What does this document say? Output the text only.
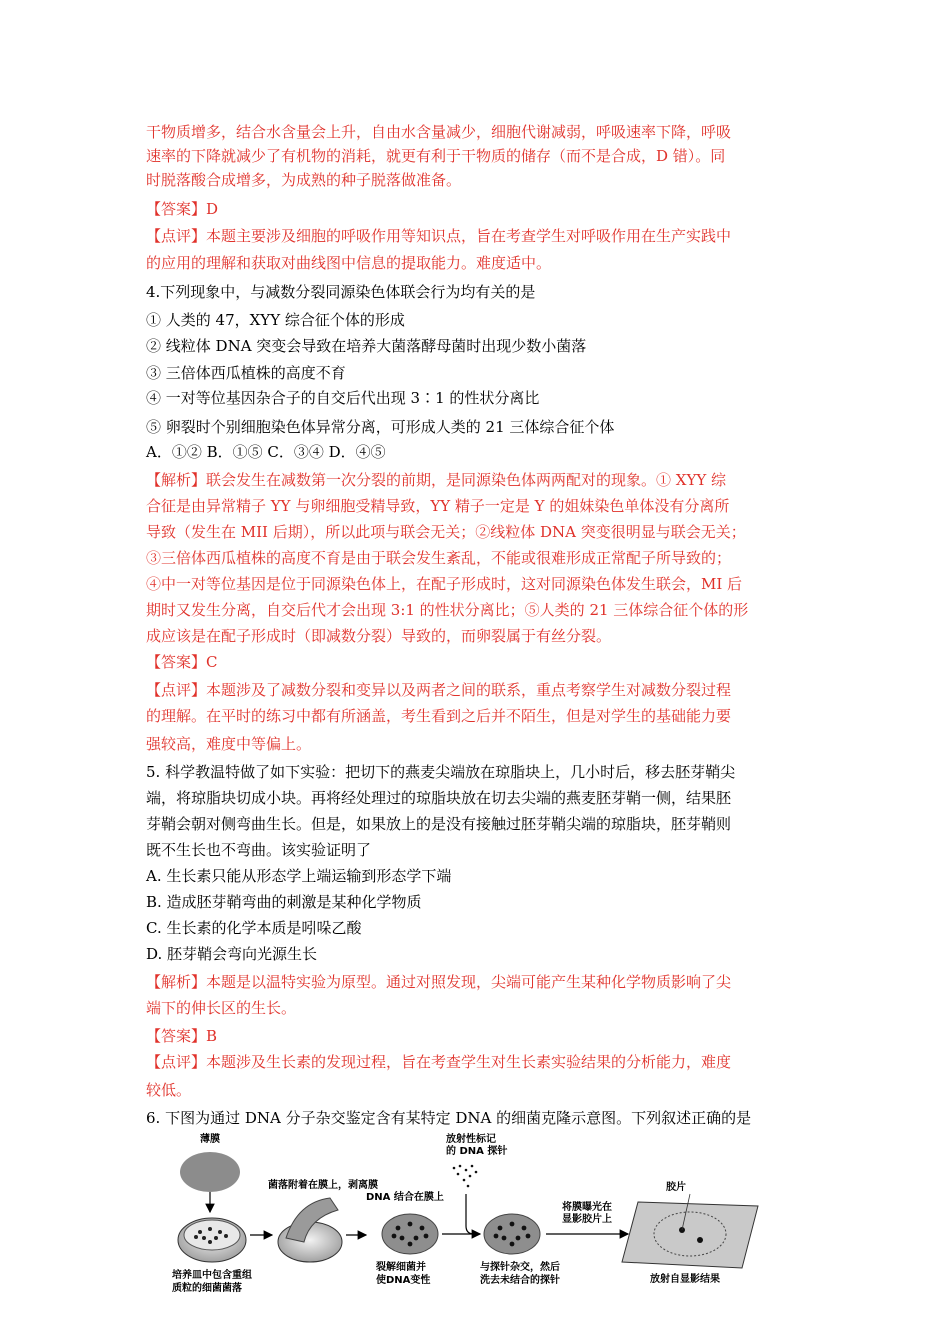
干物质增多，结合水含量会上升，自由水含量减少，细胞代谢减弱，呼吸速率下降，呼吸
速率的下降就减少了有机物的消耗，就更有利于干物质的储存（而不是合成，D 错）。同
时脱落酸合成增多，为成熟的种子脱落做准备。
【答案】D
【点评】本题主要涉及细胞的呼吸作用等知识点，旨在考查学生对呼吸作用在生产实践中
的应用的理解和获取对曲线图中信息的提取能力。难度适中。
4.下列现象中，与减数分裂同源染色体联会行为均有关的是
① 人类的 47，XYY 综合征个体的形成
② 线粒体 DNA 突变会导致在培养大菌落酵母菌时出现少数小菌落
③ 三倍体西瓜植株的高度不育
④ 一对等位基因杂合子的自交后代出现 3∶1 的性状分离比
⑤ 卵裂时个别细胞染色体异常分离，可形成人类的 21 三体综合征个体
A．①② B．①⑤ C．③④ D．④⑤
【解析】联会发生在减数第一次分裂的前期，是同源染色体两两配对的现象。① XYY 综
合征是由异常精子 YY 与卵细胞受精导致，YY 精子一定是 Y 的姐妹染色单体没有分离所
导致（发生在 MII 后期），所以此项与联会无关；②线粒体 DNA 突变很明显与联会无关；
③三倍体西瓜植株的高度不育是由于联会发生紊乱，不能或很难形成正常配子所导致的；
④中一对等位基因是位于同源染色体上，在配子形成时，这对同源染色体发生联会，MI 后
期时又发生分离，自交后代才会出现 3:1 的性状分离比；⑤人类的 21 三体综合征个体的形
成应该是在配子形成时（即减数分裂）导致的，而卵裂属于有丝分裂。
【答案】C
【点评】本题涉及了减数分裂和变异以及两者之间的联系，重点考察学生对减数分裂过程
的理解。在平时的练习中都有所涵盖，考生看到之后并不陌生，但是对学生的基础能力要
强较高，难度中等偏上。
5. 科学教温特做了如下实验：把切下的燕麦尖端放在琼脂块上，几小时后，移去胚芽鞘尖
端，将琼脂块切成小块。再将经处理过的琼脂块放在切去尖端的燕麦胚芽鞘一侧，结果胚
芽鞘会朝对侧弯曲生长。但是，如果放上的是没有接触过胚芽鞘尖端的琼脂块，胚芽鞘则
既不生长也不弯曲。该实验证明了
A. 生长素只能从形态学上端运输到形态学下端
B. 造成胚芽鞘弯曲的刺激是某种化学物质
C. 生长素的化学本质是吲哚乙酸
D. 胚芽鞘会弯向光源生长
【解析】本题是以温特实验为原型。通过对照发现，尖端可能产生某种化学物质影响了尖
端下的伸长区的生长。
【答案】B
【点评】本题涉及生长素的发现过程，旨在考查学生对生长素实验结果的分析能力，难度
较低。
6. 下图为通过 DNA 分子杂交鉴定含有某特定 DNA 的细菌克隆示意图。下列叙述正确的是
薄膜
培养皿中包含重组
质粒的细菌菌落
菌落附着在膜上，剥离膜
DNA 结合在膜上
裂解细菌并
使DNA变性
放射性标记
的 DNA 探针
与探针杂交，然后
洗去未结合的探针
将膜曝光在
显影胶片上
胶片
放射自显影结果
